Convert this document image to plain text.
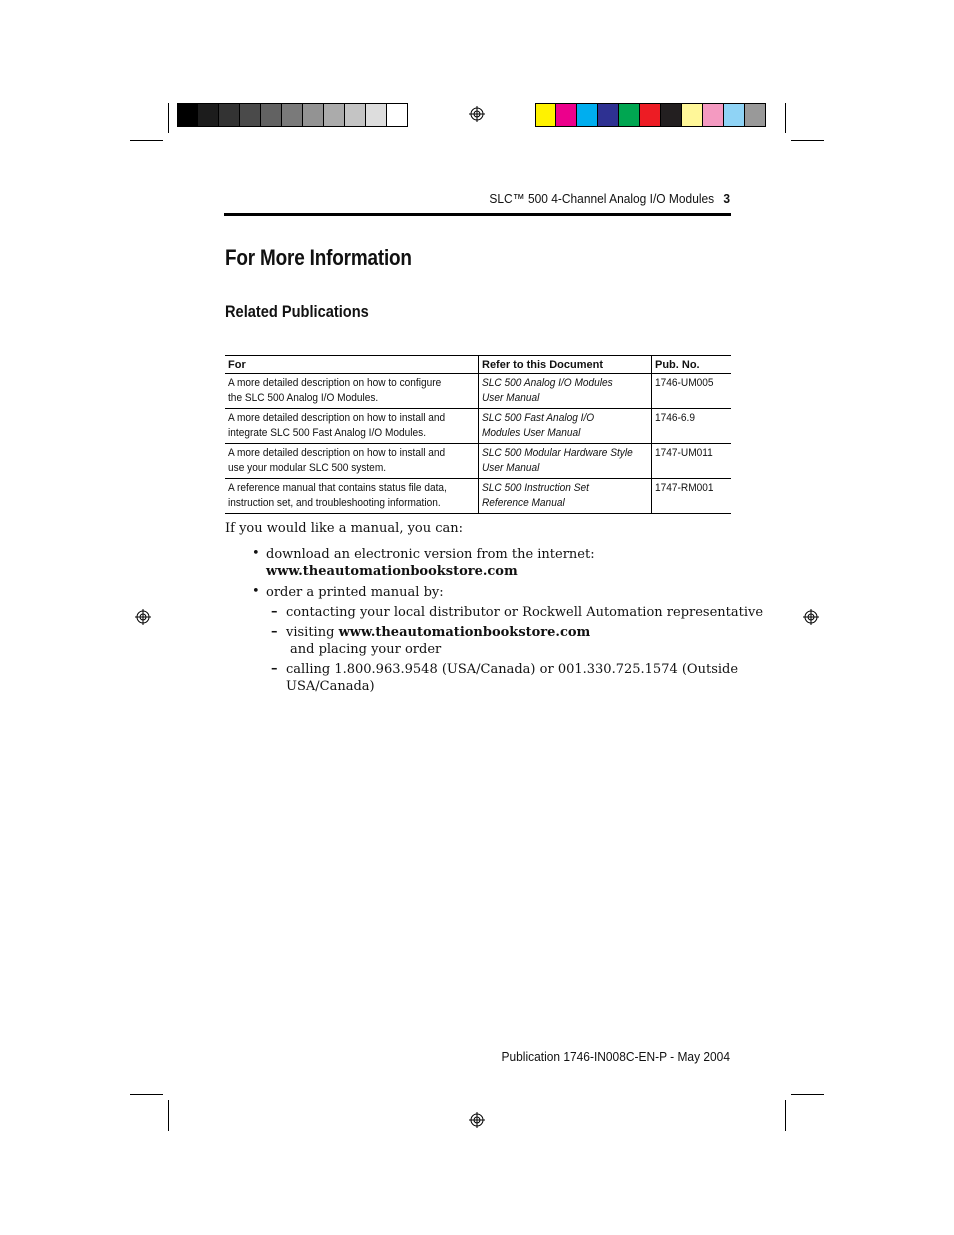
SLC™ 500 4-Channel Analog I/O Modules 3
For More Information
Related Publications
For	Refer to this Document	Pub. No.

A more detailed description on how to configure the SLC 500 Analog I/O Modules.	SLC 500 Analog I/O Modules User Manual	1746-UM005

A more detailed description on how to install and integrate SLC 500 Fast Analog I/O Modules.	SLC 500 Fast Analog I/O Modules User Manual	1746-6.9

A more detailed description on how to install and use your modular SLC 500 system.	SLC 500 Modular Hardware Style User Manual	1747-UM011

A reference manual that contains status file data, instruction set, and troubleshooting information.	SLC 500 Instruction Set Reference Manual	1747-RM001
If you would like a manual, you can:
• download an electronic version from the internet:
www.theautomationbookstore.com
• order a printed manual by:
– contacting your local distributor or Rockwell Automation representative
– visiting www.theautomationbookstore.com
and placing your order
– calling 1.800.963.9548 (USA/Canada) or 001.330.725.1574 (Outside
USA/Canada)
Publication 1746-IN008C-EN-P - May 2004
